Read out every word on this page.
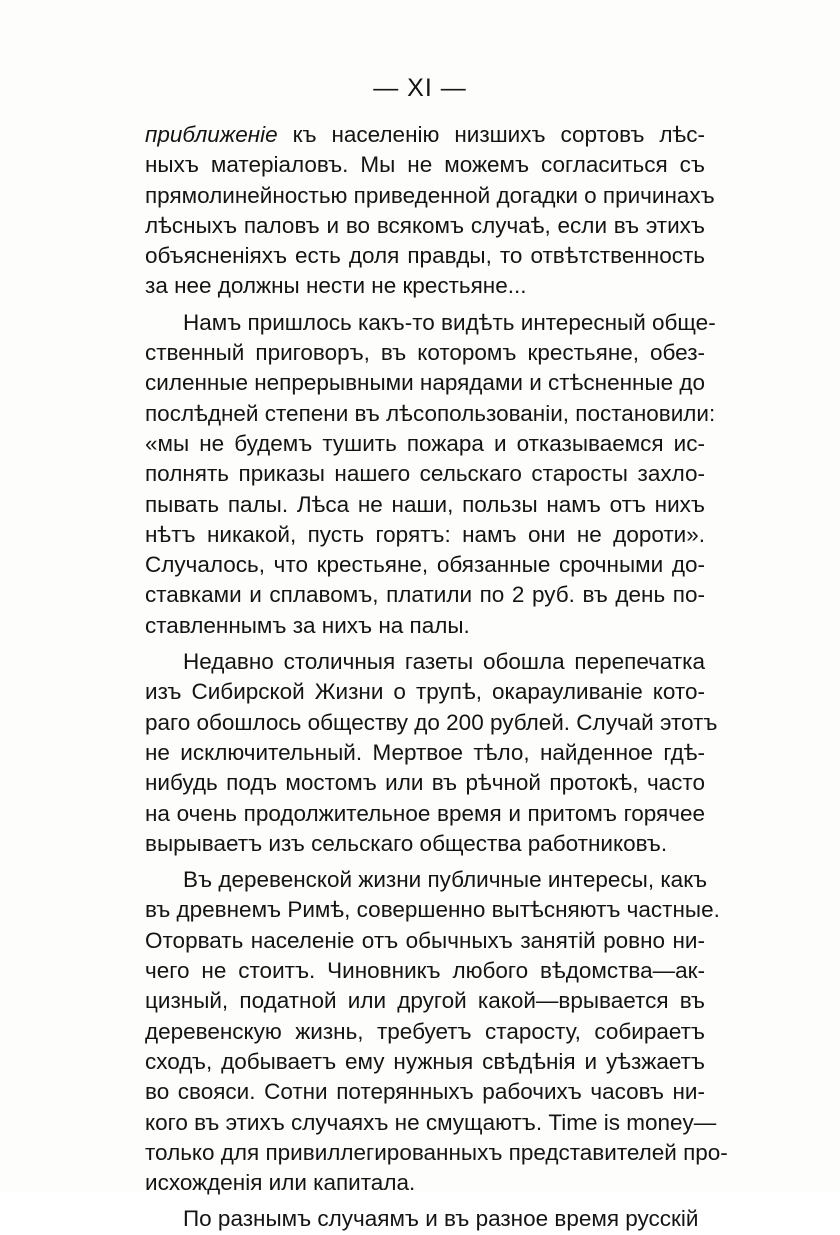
— XI —
приближеніе къ населенію низшихъ сортовъ лѣс-
ныхъ матеріаловъ. Мы не можемъ согласиться съ
прямолинейностью приведенной догадки о причинахъ
лѣсныхъ паловъ и во всякомъ случаѣ, если въ этихъ
объясненіяхъ есть доля правды, то отвѣтственность
за нее должны нести не крестьяне...
Намъ пришлось какъ-то видѣть интересный обще-
ственный приговоръ, въ которомъ крестьяне, обез-
силенные непрерывными нарядами и стѣсненные до
послѣдней степени въ лѣсопользованіи, постановили:
«мы не будемъ тушить пожара и отказываемся ис-
полнять приказы нашего сельскаго старосты захло-
пывать палы. Лѣса не наши, пользы намъ отъ нихъ
нѣтъ никакой, пусть горятъ: намъ они не дороти».
Случалось, что крестьяне, обязанные срочными до-
ставками и сплавомъ, платили по 2 руб. въ день по-
ставленнымъ за нихъ на палы.
Недавно столичныя газеты обошла перепечатка
изъ Сибирской Жизни о трупѣ, окарауливаніе кото-
раго обошлось обществу до 200 рублей. Случай этотъ
не исключительный. Мертвое тѣло, найденное гдѣ-
нибудь подъ мостомъ или въ рѣчной протокѣ, часто
на очень продолжительное время и притомъ горячее
вырываетъ изъ сельскаго общества работниковъ.
Въ деревенской жизни публичные интересы, какъ
въ древнемъ Римѣ, совершенно вытѣсняютъ частные.
Оторвать населеніе отъ обычныхъ занятій ровно ни-
чего не стоитъ. Чиновникъ любого вѣдомства—ак-
цизный, податной или другой какой—врывается въ
деревенскую жизнь, требуетъ старосту, собираетъ
сходъ, добываетъ ему нужныя свѣдѣнія и уѣзжаетъ
во свояси. Сотни потерянныхъ рабочихъ часовъ ни-
кого въ этихъ случаяхъ не смущаютъ. Time is money—
только для привиллегированныхъ представителей про-
исхожденія или капитала.
По разнымъ случаямъ и въ разное время русскій
